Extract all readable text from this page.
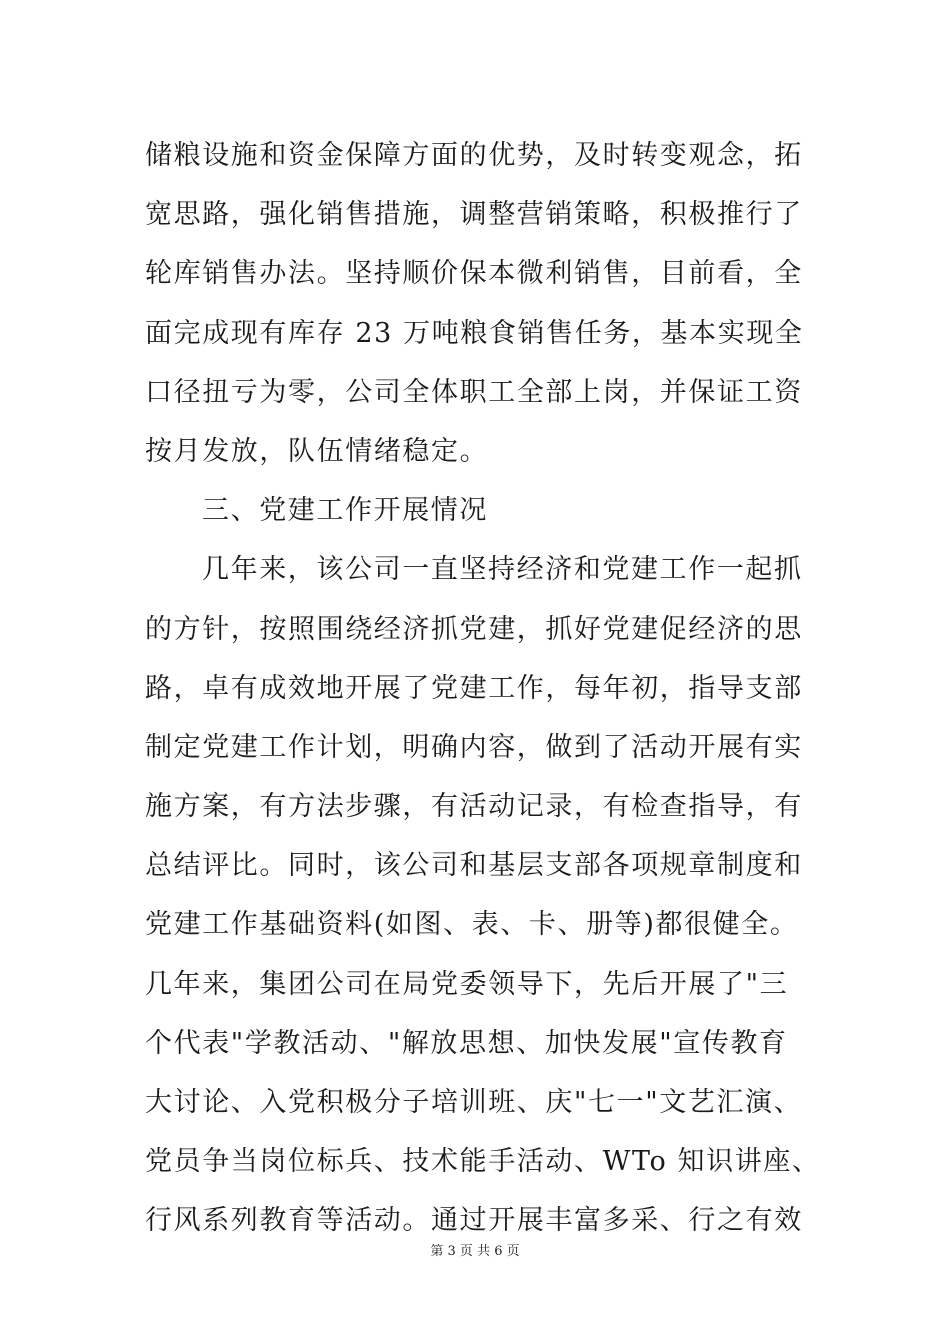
储粮设施和资金保障方面的优势，及时转变观念，拓
宽思路，强化销售措施，调整营销策略，积极推行了
轮库销售办法。坚持顺价保本微利销售，目前看，全
面完成现有库存 23 万吨粮食销售任务，基本实现全
口径扭亏为零，公司全体职工全部上岗，并保证工资
按月发放，队伍情绪稳定。
三、党建工作开展情况
几年来，该公司一直坚持经济和党建工作一起抓
的方针，按照围绕经济抓党建，抓好党建促经济的思
路，卓有成效地开展了党建工作，每年初，指导支部
制定党建工作计划，明确内容，做到了活动开展有实
施方案，有方法步骤，有活动记录，有检查指导，有
总结评比。同时，该公司和基层支部各项规章制度和
党建工作基础资料(如图、表、卡、册等)都很健全。
几年来，集团公司在局党委领导下，先后开展了"三
个代表"学教活动、"解放思想、加快发展"宣传教育
大讨论、入党积极分子培训班、庆"七一"文艺汇演、
党员争当岗位标兵、技术能手活动、WTo 知识讲座、
行风系列教育等活动。通过开展丰富多采、行之有效
第 3 页 共 6 页
